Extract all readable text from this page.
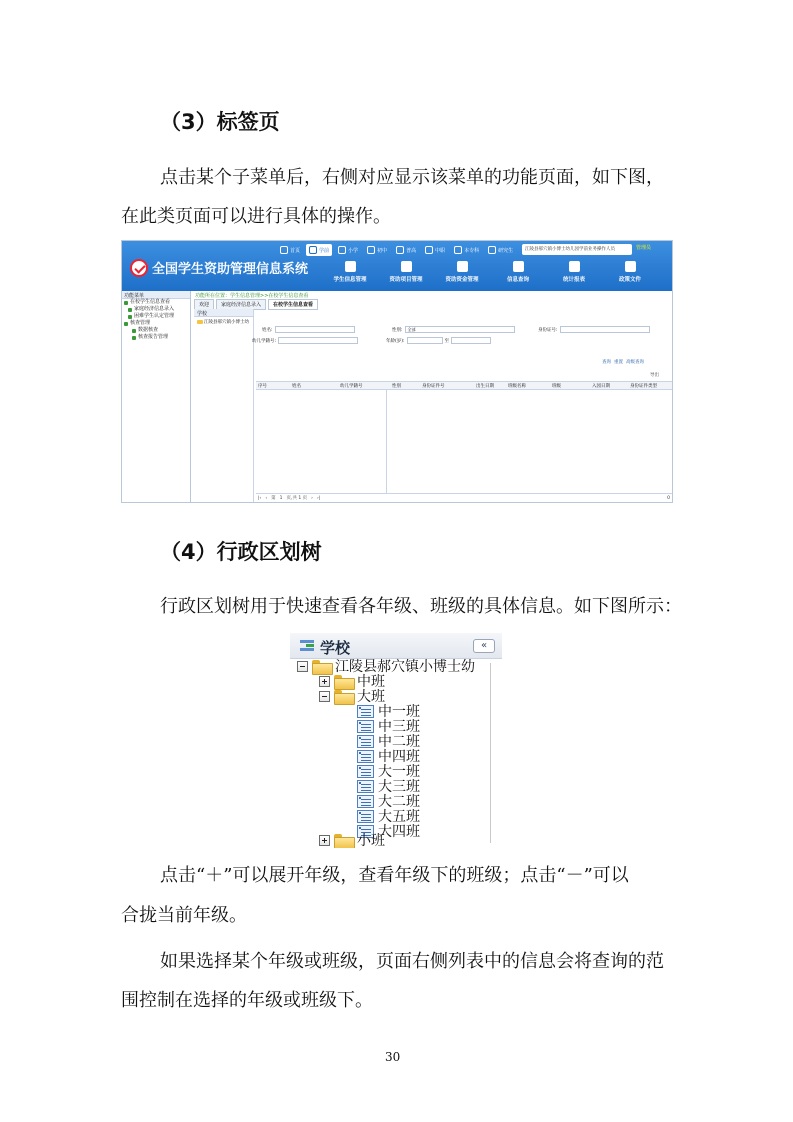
（3）标签页
点击某个子菜单后，右侧对应显示该菜单的功能页面，如下图，
在此类页面可以进行具体的操作。
全国学生资助管理信息系统
首页	学前	小学	初中	普高	中职	本专科	研究生	江陵县郝穴镇小博士幼儿园学前业务操作人员	管理员
学生信息管理	资助项目管理	资助资金管理	信息查询	统计报表	政策文件
功能菜单
在校学生信息查看
家庭经济信息录入
困难学生认定管理
核查管理
数据核查
核查报告管理
功能所在位置：学生信息管理>>在校学生信息查看
欢迎	家庭经济信息录入	在校学生信息查看
学校
江陵县郝穴镇小博士幼
姓名:	性别:	全部	身份证号:
幼儿学籍号:	年龄(岁):	至
查询 重置 高级查询
导出
序号	姓名	幼儿学籍号	性别	身份证件号	出生日期	班级名称	班级	入园日期	身份证件类型
|‹ ‹ 第 1 页,共 1 页 › ›|	0
（4）行政区划树
行政区划树用于快速查看各年级、班级的具体信息。如下图所示：
学校	«
江陵县郝穴镇小博士幼
中班
大班
中一班
中三班
中二班
中四班
大一班
大三班
大二班
大五班
大四班
小班
点击“＋”可以展开年级，查看年级下的班级；点击“－”可以
合拢当前年级。
如果选择某个年级或班级，页面右侧列表中的信息会将查询的范
围控制在选择的年级或班级下。
30
